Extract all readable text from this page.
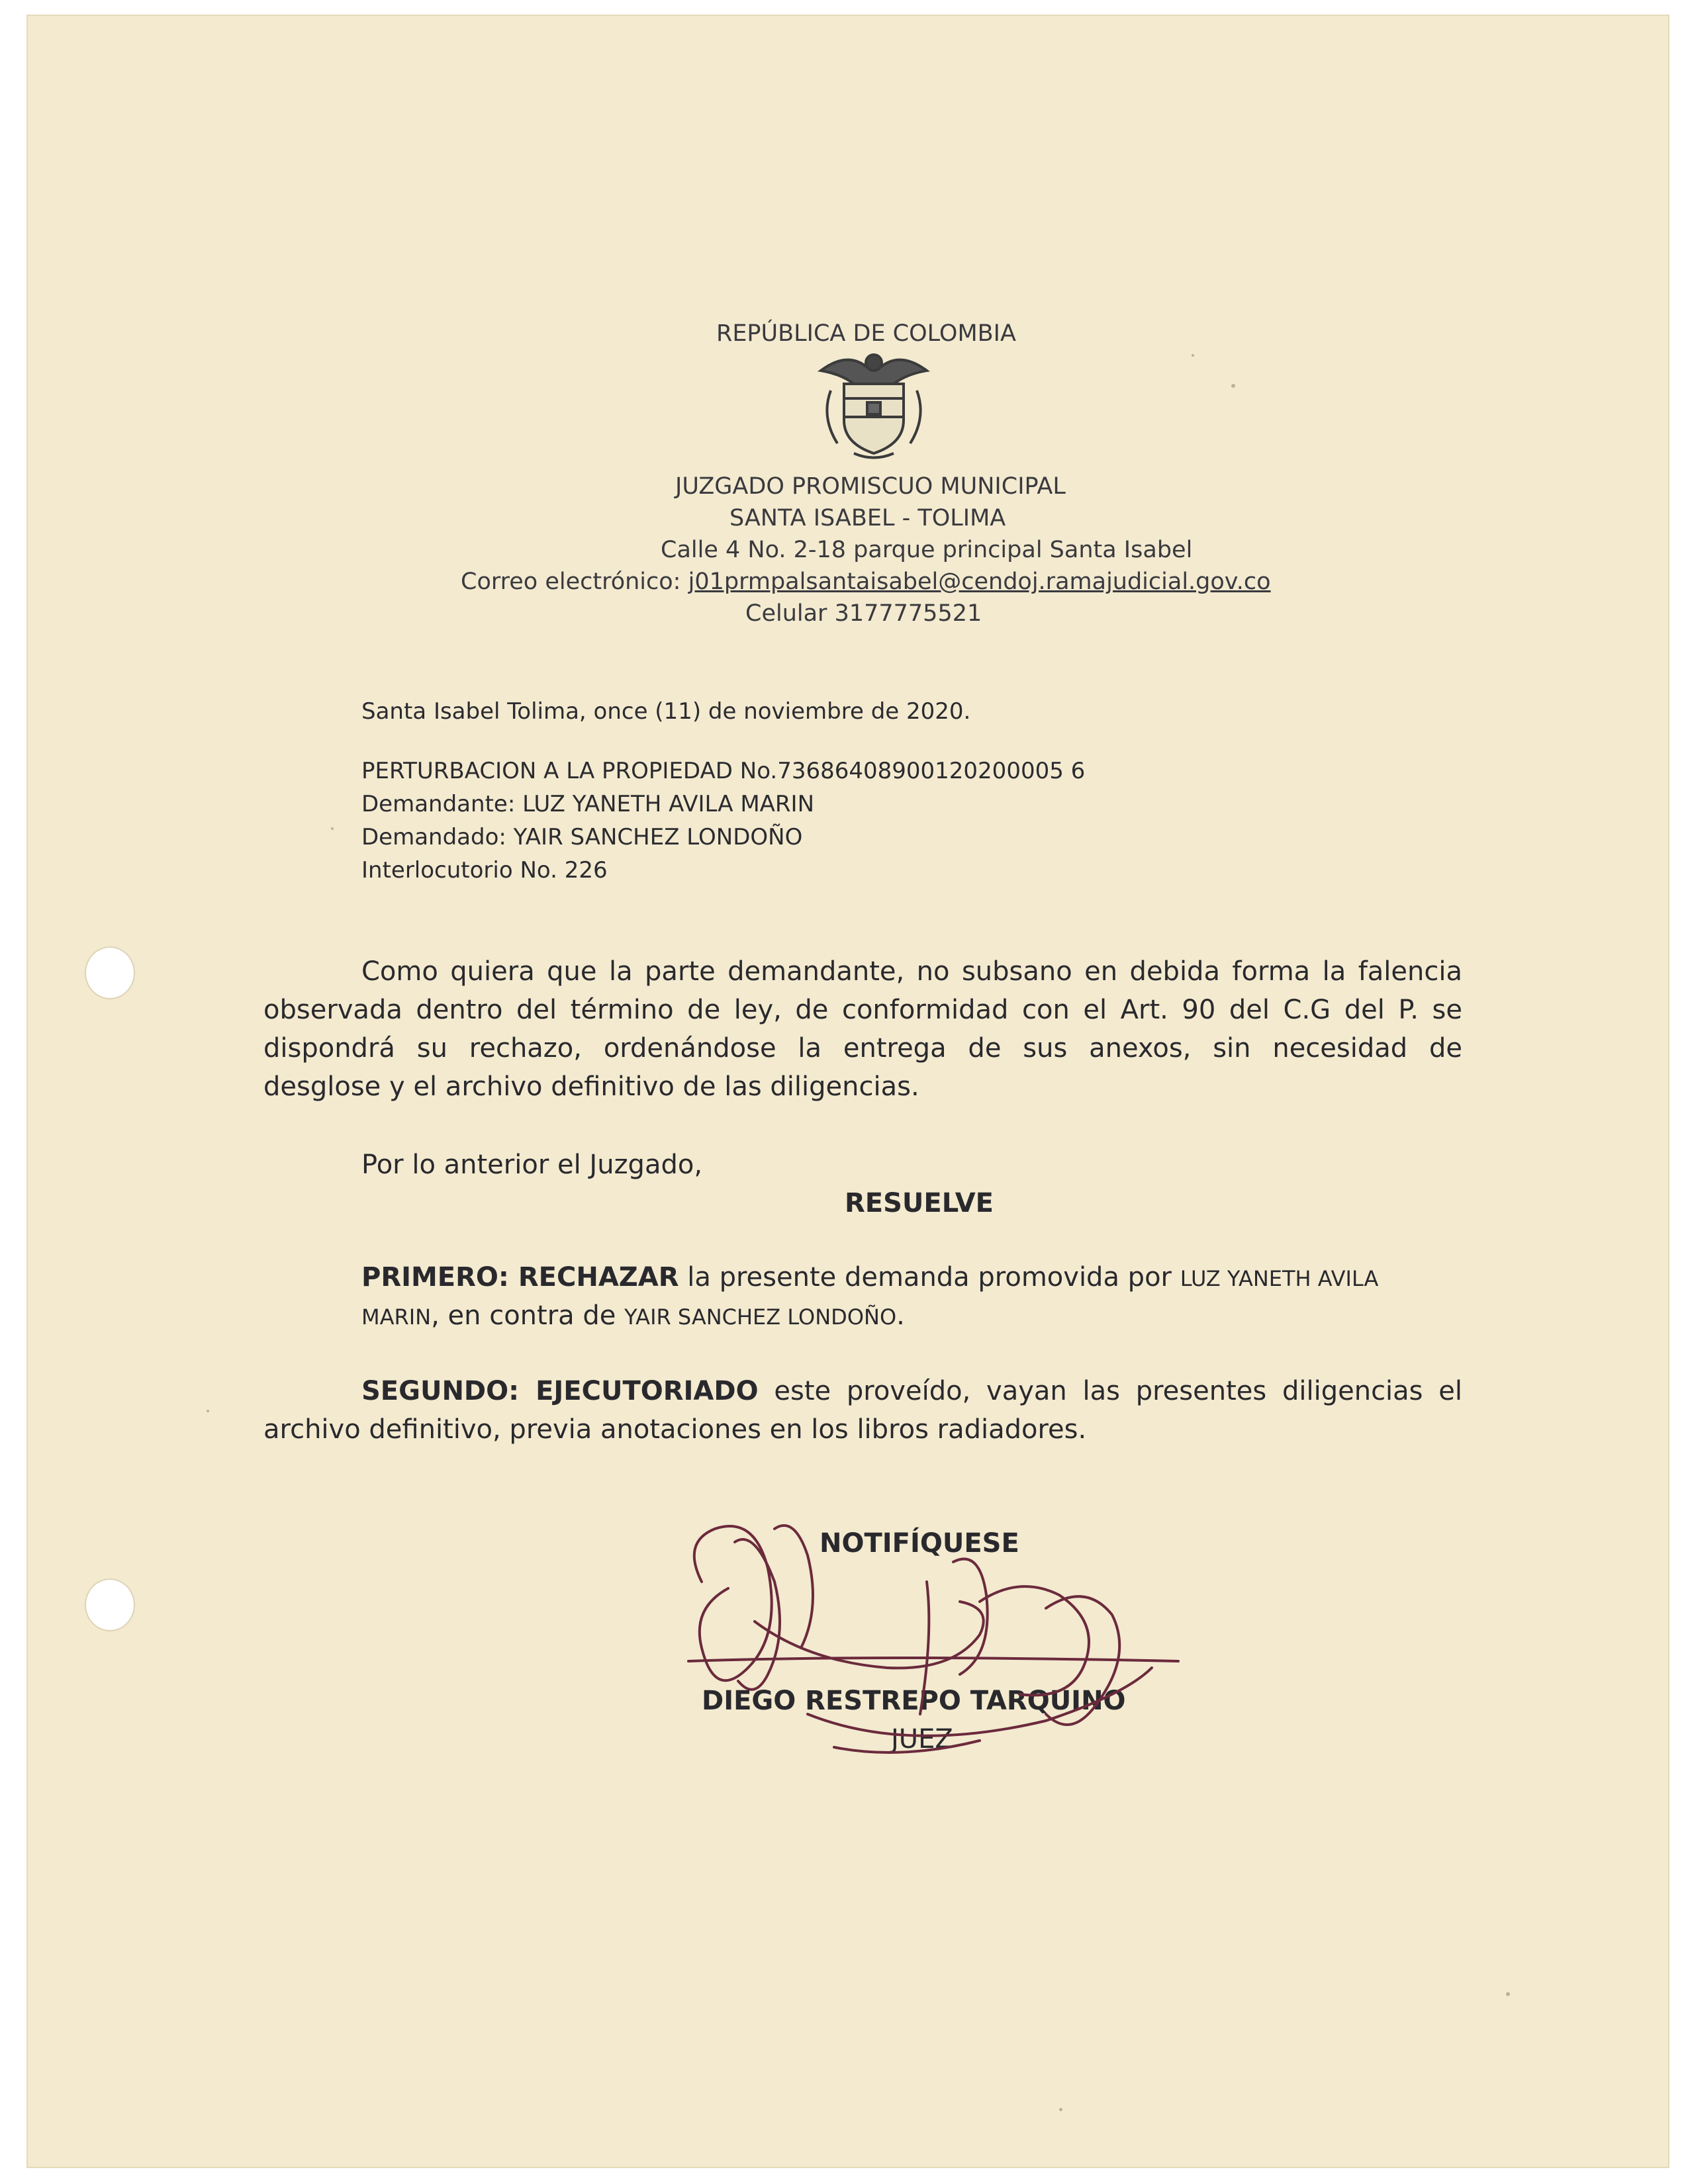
REPÚBLICA DE COLOMBIA
JUZGADO PROMISCUO MUNICIPAL
SANTA ISABEL - TOLIMA
Calle 4 No. 2-18 parque principal Santa Isabel
Correo electrónico: j01prmpalsantaisabel@cendoj.ramajudicial.gov.co
Celular 3177775521
Santa Isabel Tolima, once (11) de noviembre de 2020.
PERTURBACION A LA PROPIEDAD No.73686408900120200005 6
Demandante: LUZ YANETH AVILA MARIN
Demandado: YAIR SANCHEZ LONDOÑO
Interlocutorio No. 226
Como quiera que la parte demandante, no subsano en debida forma la falencia
observada dentro del término de ley, de conformidad con el Art. 90 del C.G del P. se
dispondrá su rechazo, ordenándose la entrega de sus anexos, sin necesidad de
desglose y el archivo definitivo de las diligencias.
Por lo anterior el Juzgado,
RESUELVE
PRIMERO: RECHAZAR la presente demanda promovida por LUZ YANETH AVILA
MARIN, en contra de YAIR SANCHEZ LONDOÑO.
SEGUNDO: EJECUTORIADO este proveído, vayan las presentes diligencias el
archivo definitivo, previa anotaciones en los libros radiadores.
NOTIFÍQUESE
DIEGO RESTREPO TARQUINO
JUEZ
